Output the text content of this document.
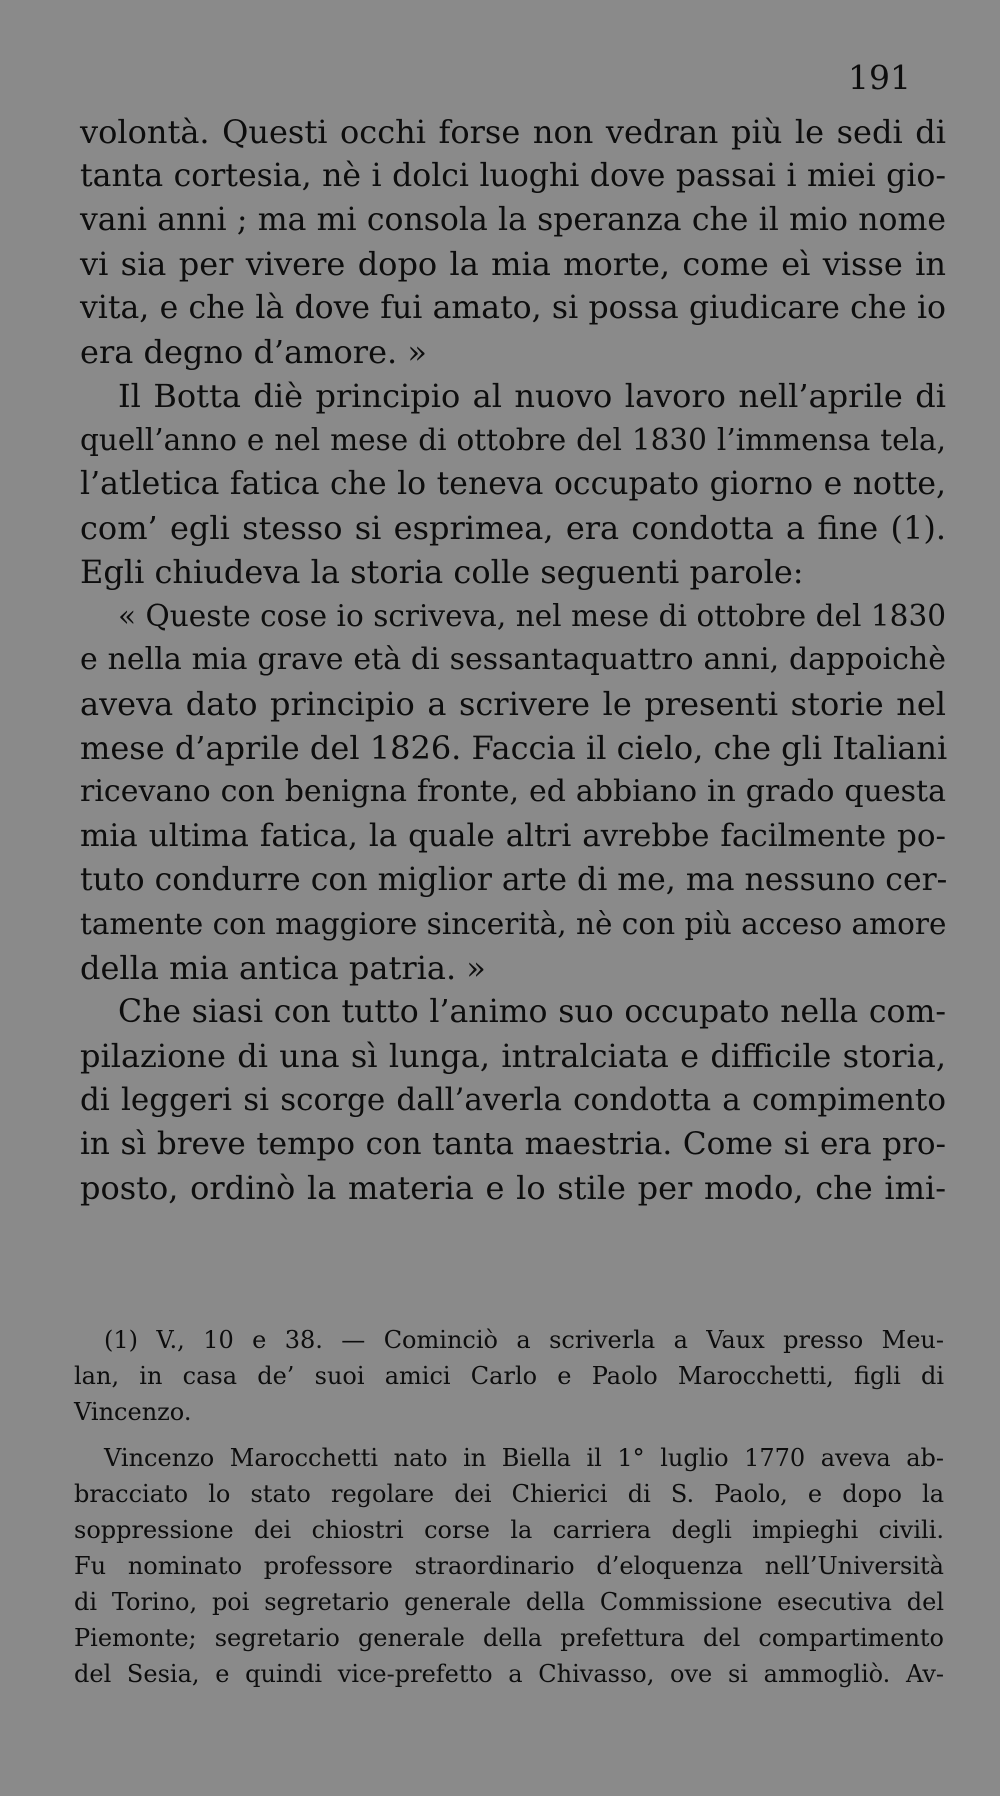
191

volontà. Questi occhi forse non vedran più le sedi di

tanta cortesia, nè i dolci luoghi dove passai i miei gio-

vani anni ; ma mi consola la speranza che il mio nome

vi sia per vivere dopo la mia morte, come eì visse in

vita, e che là dove fui amato, si possa giudicare che io

era degno d’amore. »

Il Botta diè principio al nuovo lavoro nell’aprile di

quell’anno e nel mese di ottobre del 1830 l’immensa tela,

l’atletica fatica che lo teneva occupato giorno e notte,

com’ egli stesso si esprimea, era condotta a fine (1).

Egli chiudeva la storia colle seguenti parole:

« Queste cose io scriveva, nel mese di ottobre del 1830

e nella mia grave età di sessantaquattro anni, dappoichè

aveva dato principio a scrivere le presenti storie nel

mese d’aprile del 1826. Faccia il cielo, che gli Italiani

ricevano con benigna fronte, ed abbiano in grado questa

mia ultima fatica, la quale altri avrebbe facilmente po-

tuto condurre con miglior arte di me, ma nessuno cer-

tamente con maggiore sincerità, nè con più acceso amore

della mia antica patria. »

Che siasi con tutto l’animo suo occupato nella com-

pilazione di una sì lunga, intralciata e difficile storia,

di leggeri si scorge dall’averla condotta a compimento

in sì breve tempo con tanta maestria. Come si era pro-

posto, ordinò la materia e lo stile per modo, che imi-

(1) V., 10 e 38. — Cominciò a scriverla a Vaux presso Meu-

lan, in casa de’ suoi amici Carlo e Paolo Marocchetti, figli di

Vincenzo.

Vincenzo Marocchetti nato in Biella il 1° luglio 1770 aveva ab-

bracciato lo stato regolare dei Chierici di S. Paolo, e dopo la

soppressione dei chiostri corse la carriera degli impieghi civili.

Fu nominato professore straordinario d’eloquenza nell’Università

di Torino, poi segretario generale della Commissione esecutiva del

Piemonte; segretario generale della prefettura del compartimento

del Sesia, e quindi vice-prefetto a Chivasso, ove si ammogliò. Av-
